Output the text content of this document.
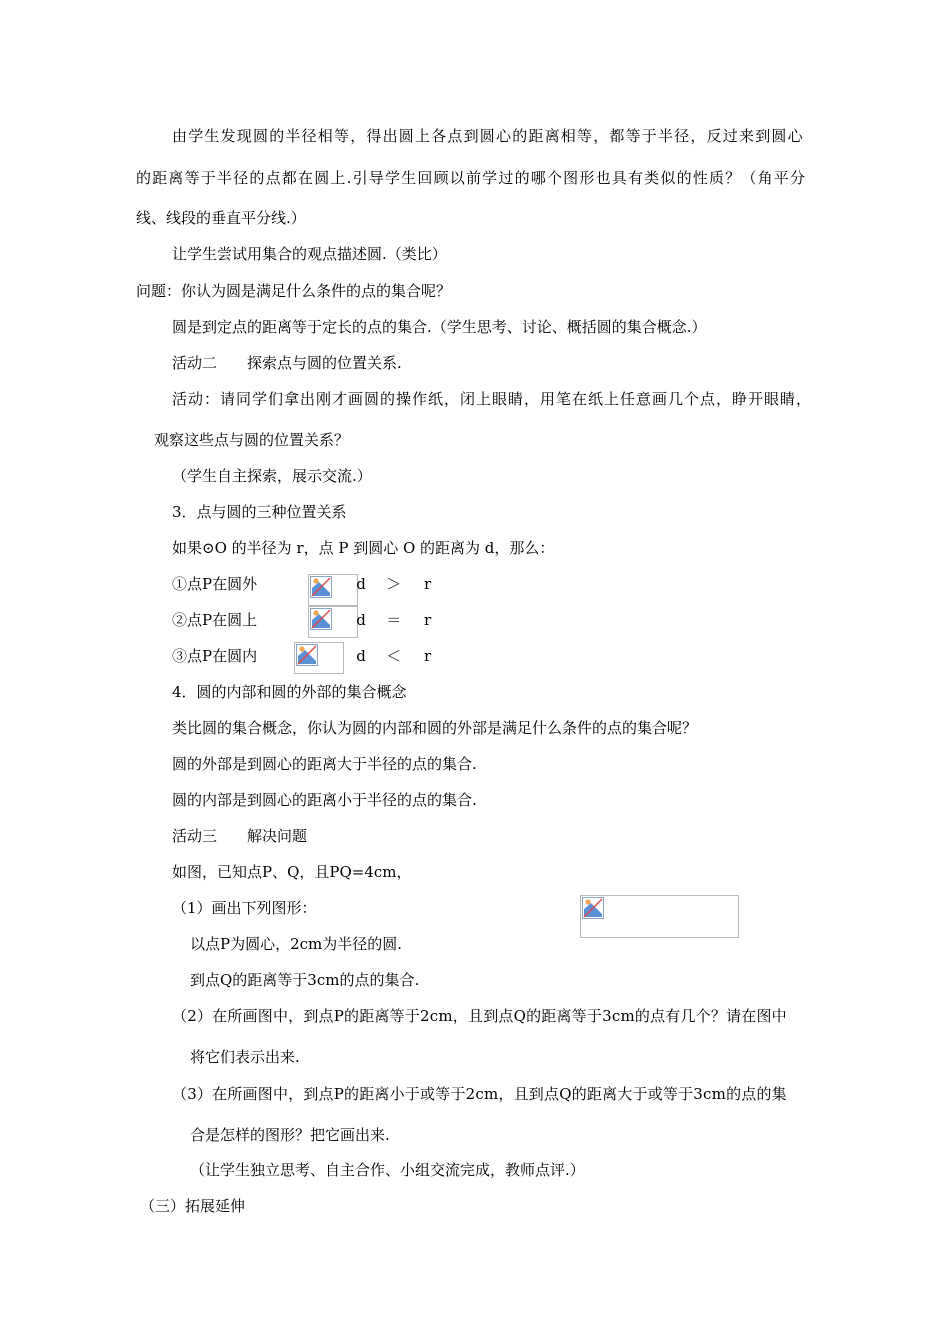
由学生发现圆的半径相等，得出圆上各点到圆心的距离相等，都等于半径，反过来到圆心
的距离等于半径的点都在圆上.引导学生回顾以前学过的哪个图形也具有类似的性质？（角平分
线、线段的垂直平分线.）
让学生尝试用集合的观点描述圆.（类比）
问题：你认为圆是满足什么条件的点的集合呢？
圆是到定点的距离等于定长的点的集合.（学生思考、讨论、概括圆的集合概念.）
活动二　　探索点与圆的位置关系.
活动：请同学们拿出刚才画圆的操作纸，闭上眼睛，用笔在纸上任意画几个点，睁开眼睛，
观察这些点与圆的位置关系？
（学生自主探索，展示交流.）
3．点与圆的三种位置关系
如果⊙O 的半径为 r，点 P 到圆心 O 的距离为 d，那么：
①点P在圆外	d ＞ r
②点P在圆上	d ＝ r
③点P在圆内	d ＜ r
4．圆的内部和圆的外部的集合概念
类比圆的集合概念，你认为圆的内部和圆的外部是满足什么条件的点的集合呢？
圆的外部是到圆心的距离大于半径的点的集合.
圆的内部是到圆心的距离小于半径的点的集合.
活动三　　解决问题
如图，已知点P、Q，且PQ=4cm，
（1）画出下列图形：
以点P为圆心，2cm为半径的圆.
到点Q的距离等于3cm的点的集合.
（2）在所画图中，到点P的距离等于2cm，且到点Q的距离等于3cm的点有几个？请在图中
将它们表示出来.
（3）在所画图中，到点P的距离小于或等于2cm，且到点Q的距离大于或等于3cm的点的集
合是怎样的图形？把它画出来.
（让学生独立思考、自主合作、小组交流完成，教师点评.）
（三）拓展延伸
